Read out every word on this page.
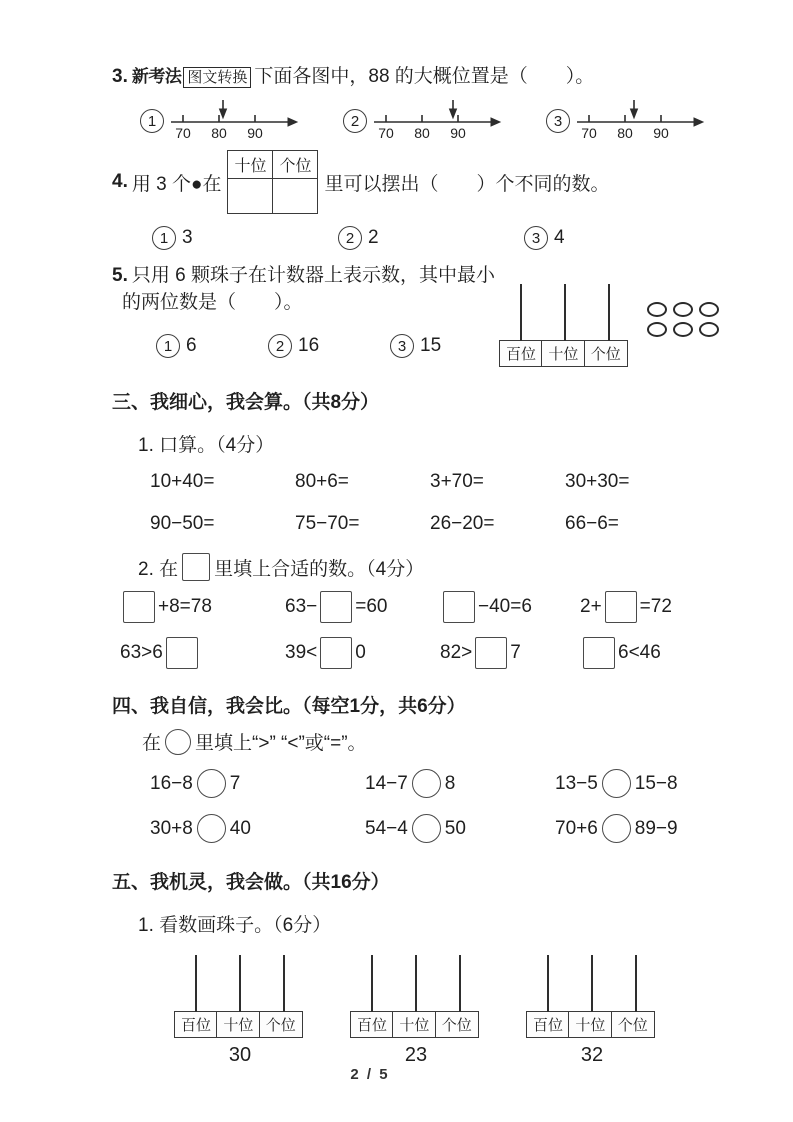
3. 新考法 图文转换 下面各图中，88 的大概位置是（　　）。
1
70 80 90
2
70 80 90
3
70 80 90
4. 用 3 个●在
十位	个位

里可以摆出（　　）个不同的数。
1 3	2 2	3 4
5. 只用 6 颗珠子在计数器上表示数，其中最小
的两位数是（　　）。
1 6	2 16	3 15	百位 十位 个位
三、我细心，我会算。（共8分）
1. 口算。（4分）
10+40=	80+6=	3+70=	30+30=
90−50=	75−70=	26−20=	66−6=
2. 在 里填上合适的数。（4分）
+8=78	63− =60	−40=6	2+ =72
63>6	39< 0	82> 7	6<46
四、我自信，我会比。（每空1分，共6分）
在 里填上“>” “<”或“=”。
16−8 7	14−7 8	13−5 15−8
30+8 40	54−4 50	70+6 89−9
五、我机灵，我会做。（共16分）
1. 看数画珠子。（6分）
百位 十位 个位
30
百位 十位 个位
23
百位 十位 个位
32
2 / 5
